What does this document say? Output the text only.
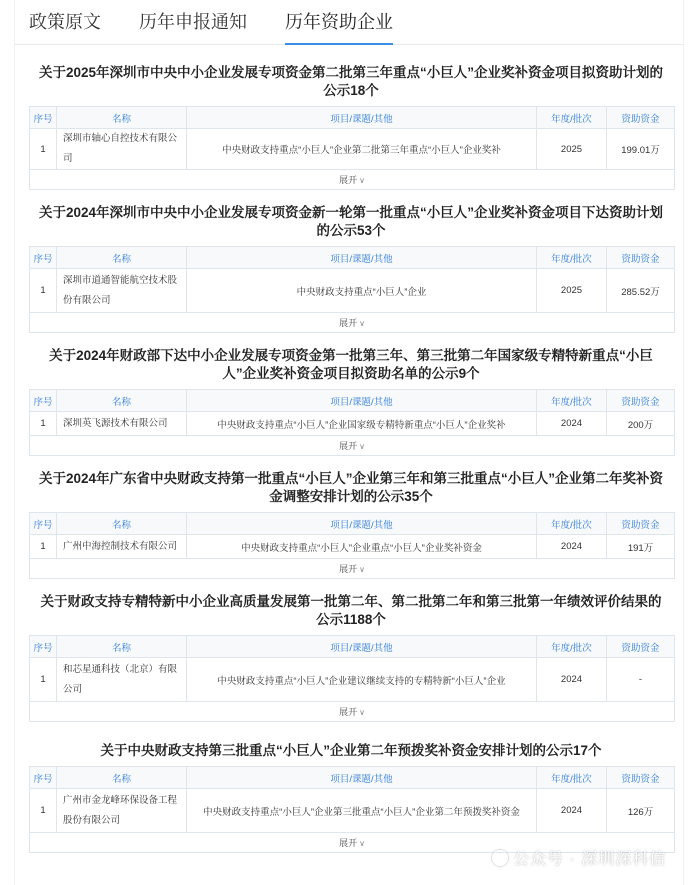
政策原文 历年申报通知 历年资助企业
关于2025年深圳市中央中小企业发展专项资金第二批第三年重点“小巨人”企业奖补资金项目拟资助计划的公示18个
序号	名称	项目/课题/其他	年度/批次	资助资金
1	深圳市轴心自控技术有限公司	中央财政支持重点“小巨人”企业第二批第三年重点“小巨人”企业奖补	2025	199.01万
展开 ∨				
关于2024年深圳市中央中小企业发展专项资金新一轮第一批重点“小巨人”企业奖补资金项目下达资助计划的公示53个
序号	名称	项目/课题/其他	年度/批次	资助资金
1	深圳市道通智能航空技术股份有限公司	中央财政支持重点“小巨人”企业	2025	285.52万
展开 ∨				
关于2024年财政部下达中小企业发展专项资金第一批第三年、第三批第二年国家级专精特新重点“小巨人”企业奖补资金项目拟资助名单的公示9个
序号	名称	项目/课题/其他	年度/批次	资助资金
1	深圳英飞源技术有限公司	中央财政支持重点“小巨人”企业国家级专精特新重点“小巨人”企业奖补	2024	200万
展开 ∨				
关于2024年广东省中央财政支持第一批重点“小巨人”企业第三年和第三批重点“小巨人”企业第二年奖补资金调整安排计划的公示35个
序号	名称	项目/课题/其他	年度/批次	资助资金
1	广州中海控制技术有限公司	中央财政支持重点“小巨人”企业重点“小巨人”企业奖补资金	2024	191万
展开 ∨				
关于财政支持专精特新中小企业高质量发展第一批第二年、第二批第二年和第三批第一年绩效评价结果的公示1188个
序号	名称	项目/课题/其他	年度/批次	资助资金
1	和芯星通科技（北京）有限公司	中央财政支持重点“小巨人”企业建议继续支持的专精特新“小巨人”企业	2024	-
展开 ∨				
关于中央财政支持第三批重点“小巨人”企业第二年预拨奖补资金安排计划的公示17个
序号	名称	项目/课题/其他	年度/批次	资助资金
1	广州市金龙峰环保设备工程股份有限公司	中央财政支持重点“小巨人”企业第三批重点“小巨人”企业第二年预拨奖补资金	2024	126万
展开 ∨				
公众号 · 深圳深科信
